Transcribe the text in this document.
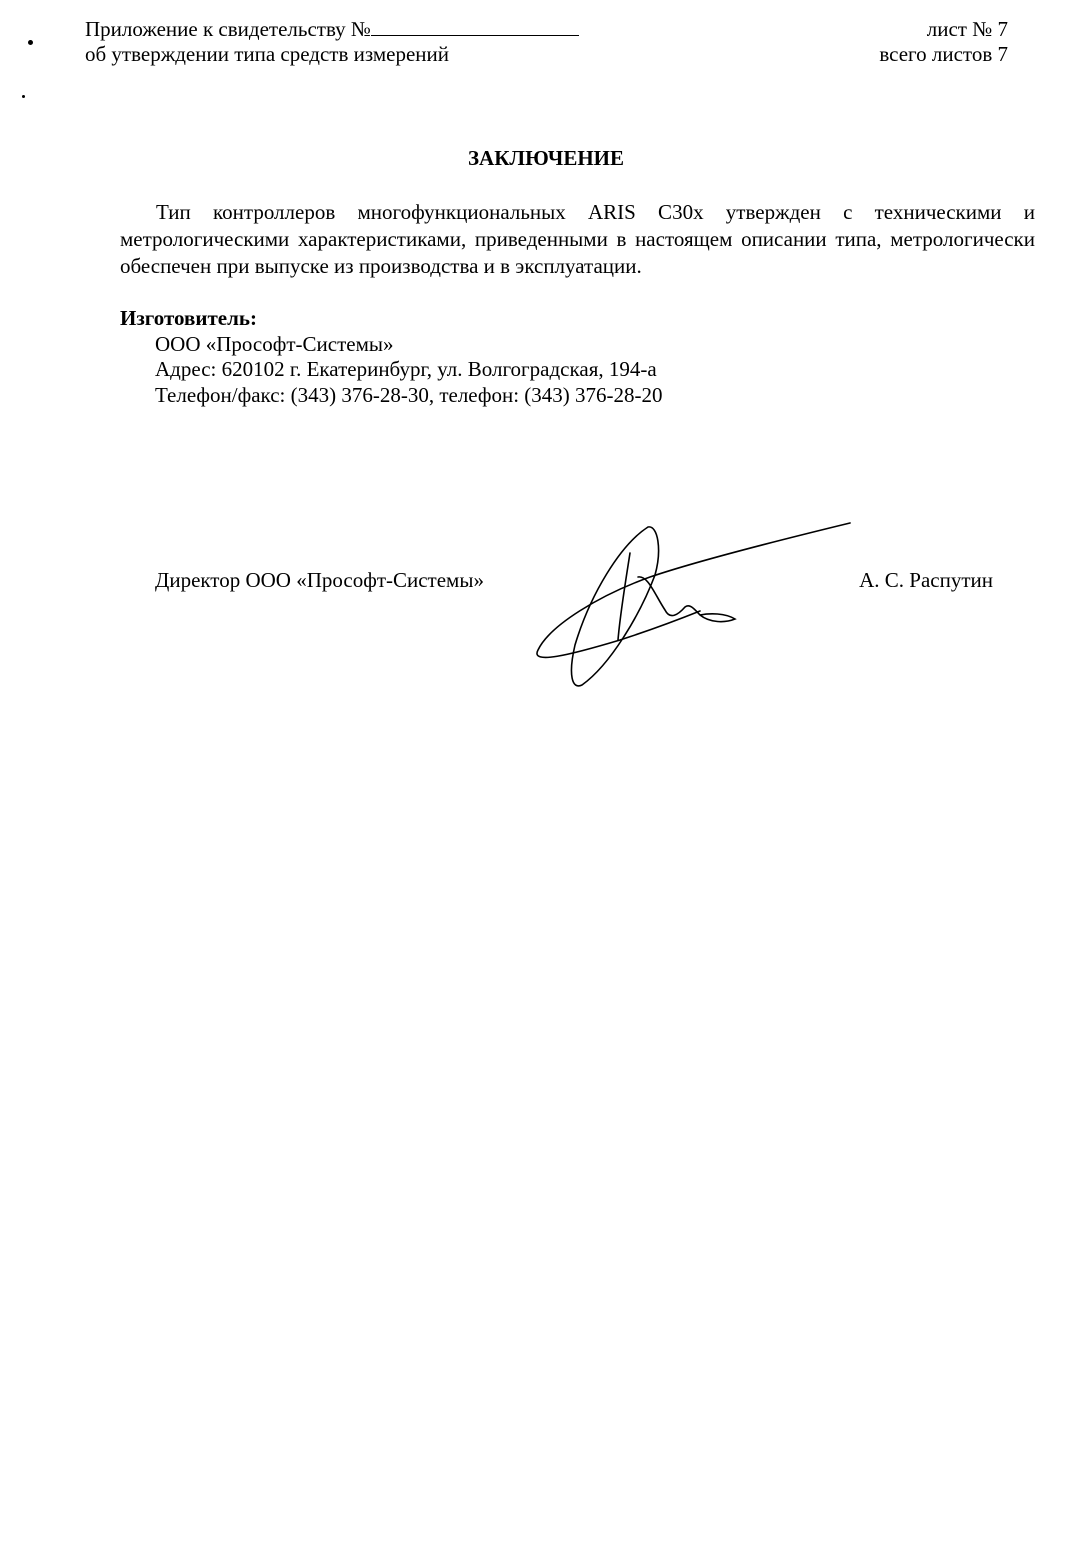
Приложение к свидетельству №
об утверждении типа средств измерений
лист № 7
всего листов 7
ЗАКЛЮЧЕНИЕ
Тип контроллеров многофункциональных ARIS C30x утвержден с техническими и метрологическими характеристиками, приведенными в настоящем описании типа, метрологически обеспечен при выпуске из производства и в эксплуатации.
Изготовитель:
ООО «Прософт-Системы»
Адрес: 620102 г. Екатеринбург, ул. Волгоградская, 194-а
Телефон/факс: (343) 376-28-30, телефон: (343) 376-28-20
Директор ООО «Прософт-Системы»	А. С. Распутин
